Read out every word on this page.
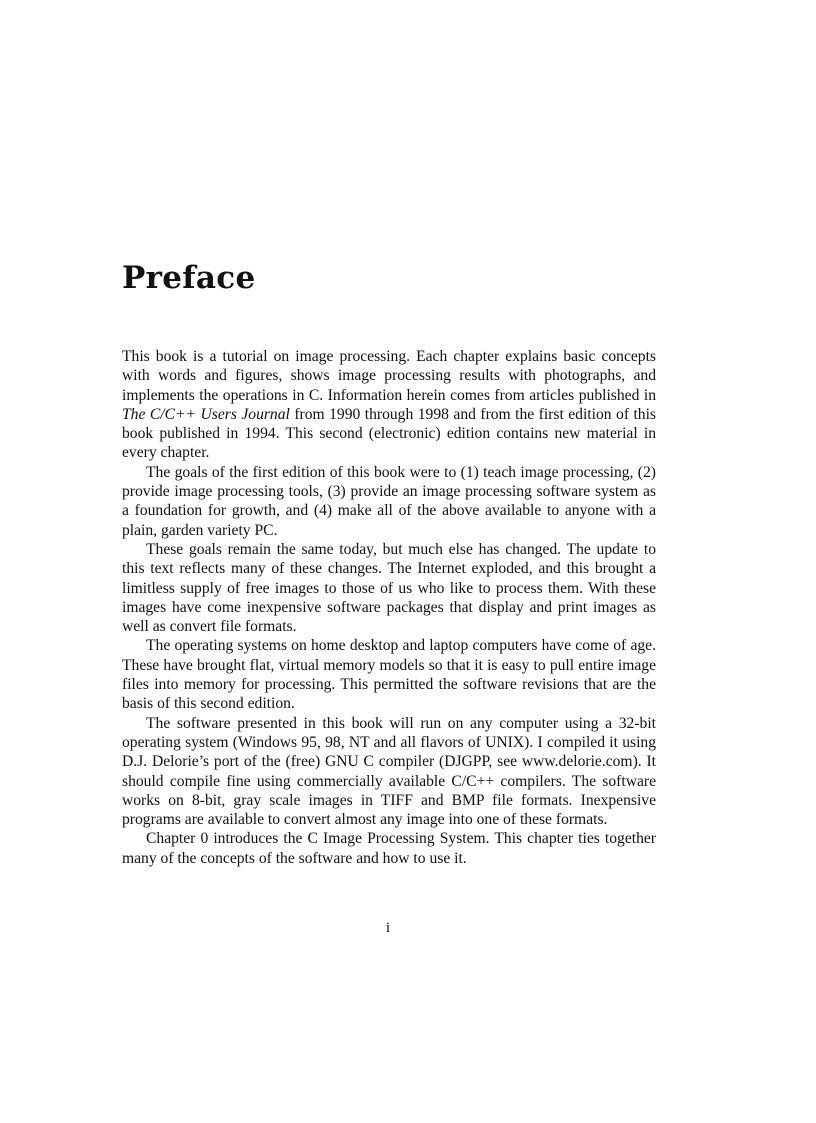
Preface

This book is a tutorial on image processing. Each chapter explains basic concepts with words and figures, shows image processing results with photographs, and implements the operations in C. Information herein comes from articles published in The C/C++ Users Journal from 1990 through 1998 and from the first edition of this book published in 1994. This second (electronic) edition contains new material in every chapter.

The goals of the first edition of this book were to (1) teach image processing, (2) provide image processing tools, (3) provide an image processing software system as a foundation for growth, and (4) make all of the above available to anyone with a plain, garden variety PC.

These goals remain the same today, but much else has changed. The update to this text reflects many of these changes. The Internet exploded, and this brought a limitless supply of free images to those of us who like to process them. With these images have come inexpensive software packages that display and print images as well as convert file formats.

The operating systems on home desktop and laptop computers have come of age. These have brought flat, virtual memory models so that it is easy to pull entire image files into memory for processing. This permitted the software revisions that are the basis of this second edition.

The software presented in this book will run on any computer using a 32-bit operating system (Windows 95, 98, NT and all flavors of UNIX). I compiled it using D.J. Delorie’s port of the (free) GNU C compiler (DJGPP, see www.delorie.com). It should compile fine using commercially available C/C++ compilers. The software works on 8-bit, gray scale images in TIFF and BMP file formats. Inexpensive programs are available to convert almost any image into one of these formats.

Chapter 0 introduces the C Image Processing System. This chapter ties together many of the concepts of the software and how to use it.

i
